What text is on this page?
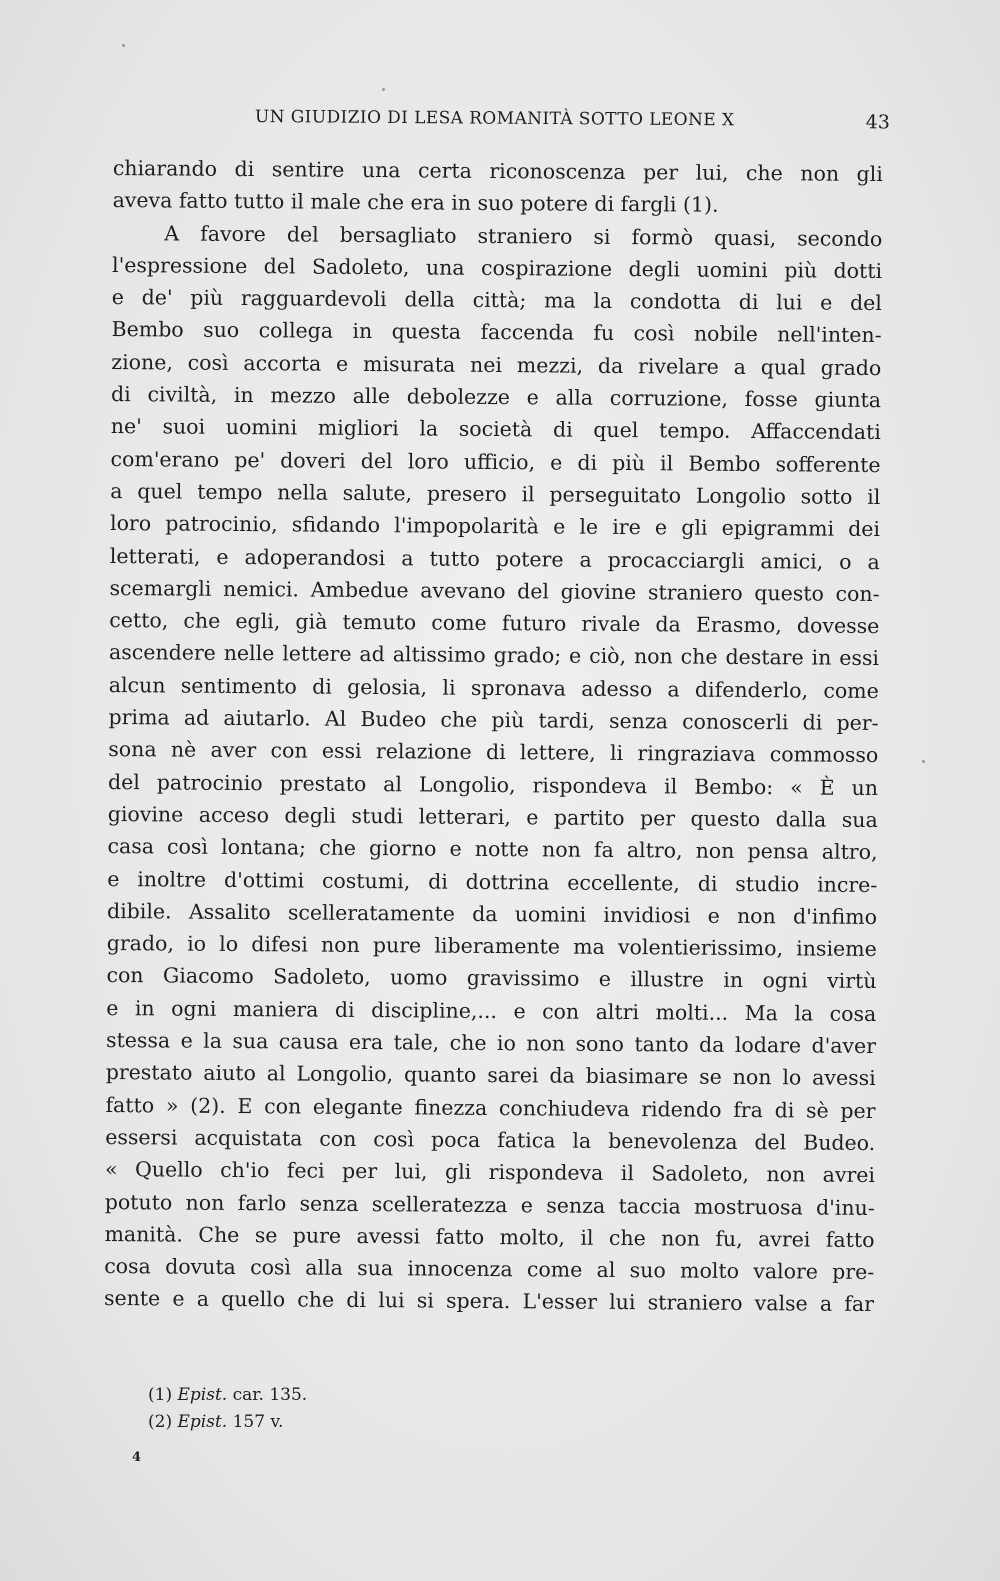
UN GIUDIZIO DI LESA ROMANITÀ SOTTO LEONE X	43
chiarando di sentire una certa riconoscenza per lui, che non gli
aveva fatto tutto il male che era in suo potere di fargli (1).
A favore del bersagliato straniero si formò quasi, secondo
l'espressione del Sadoleto, una cospirazione degli uomini più dotti
e de' più ragguardevoli della città; ma la condotta di lui e del
Bembo suo collega in questa faccenda fu così nobile nell'inten-
zione, così accorta e misurata nei mezzi, da rivelare a qual grado
di civiltà, in mezzo alle debolezze e alla corruzione, fosse giunta
ne' suoi uomini migliori la società di quel tempo. Affaccendati
com'erano pe' doveri del loro ufficio, e di più il Bembo sofferente
a quel tempo nella salute, presero il perseguitato Longolio sotto il
loro patrocinio, sfidando l'impopolarità e le ire e gli epigrammi dei
letterati, e adoperandosi a tutto potere a procacciargli amici, o a
scemargli nemici. Ambedue avevano del giovine straniero questo con-
cetto, che egli, già temuto come futuro rivale da Erasmo, dovesse
ascendere nelle lettere ad altissimo grado; e ciò, non che destare in essi
alcun sentimento di gelosia, li spronava adesso a difenderlo, come
prima ad aiutarlo. Al Budeo che più tardi, senza conoscerli di per-
sona nè aver con essi relazione di lettere, li ringraziava commosso
del patrocinio prestato al Longolio, rispondeva il Bembo: « È un
giovine acceso degli studi letterari, e partito per questo dalla sua
casa così lontana; che giorno e notte non fa altro, non pensa altro,
e inoltre d'ottimi costumi, di dottrina eccellente, di studio incre-
dibile. Assalito scelleratamente da uomini invidiosi e non d'infimo
grado, io lo difesi non pure liberamente ma volentierissimo, insieme
con Giacomo Sadoleto, uomo gravissimo e illustre in ogni virtù
e in ogni maniera di discipline,... e con altri molti... Ma la cosa
stessa e la sua causa era tale, che io non sono tanto da lodare d'aver
prestato aiuto al Longolio, quanto sarei da biasimare se non lo avessi
fatto » (2). E con elegante finezza conchiudeva ridendo fra di sè per
essersi acquistata con così poca fatica la benevolenza del Budeo.
« Quello ch'io feci per lui, gli rispondeva il Sadoleto, non avrei
potuto non farlo senza scelleratezza e senza taccia mostruosa d'inu-
manità. Che se pure avessi fatto molto, il che non fu, avrei fatto
cosa dovuta così alla sua innocenza come al suo molto valore pre-
sente e a quello che di lui si spera. L'esser lui straniero valse a far
(1) Epist. car. 135.
(2) Epist. 157 v.
4
